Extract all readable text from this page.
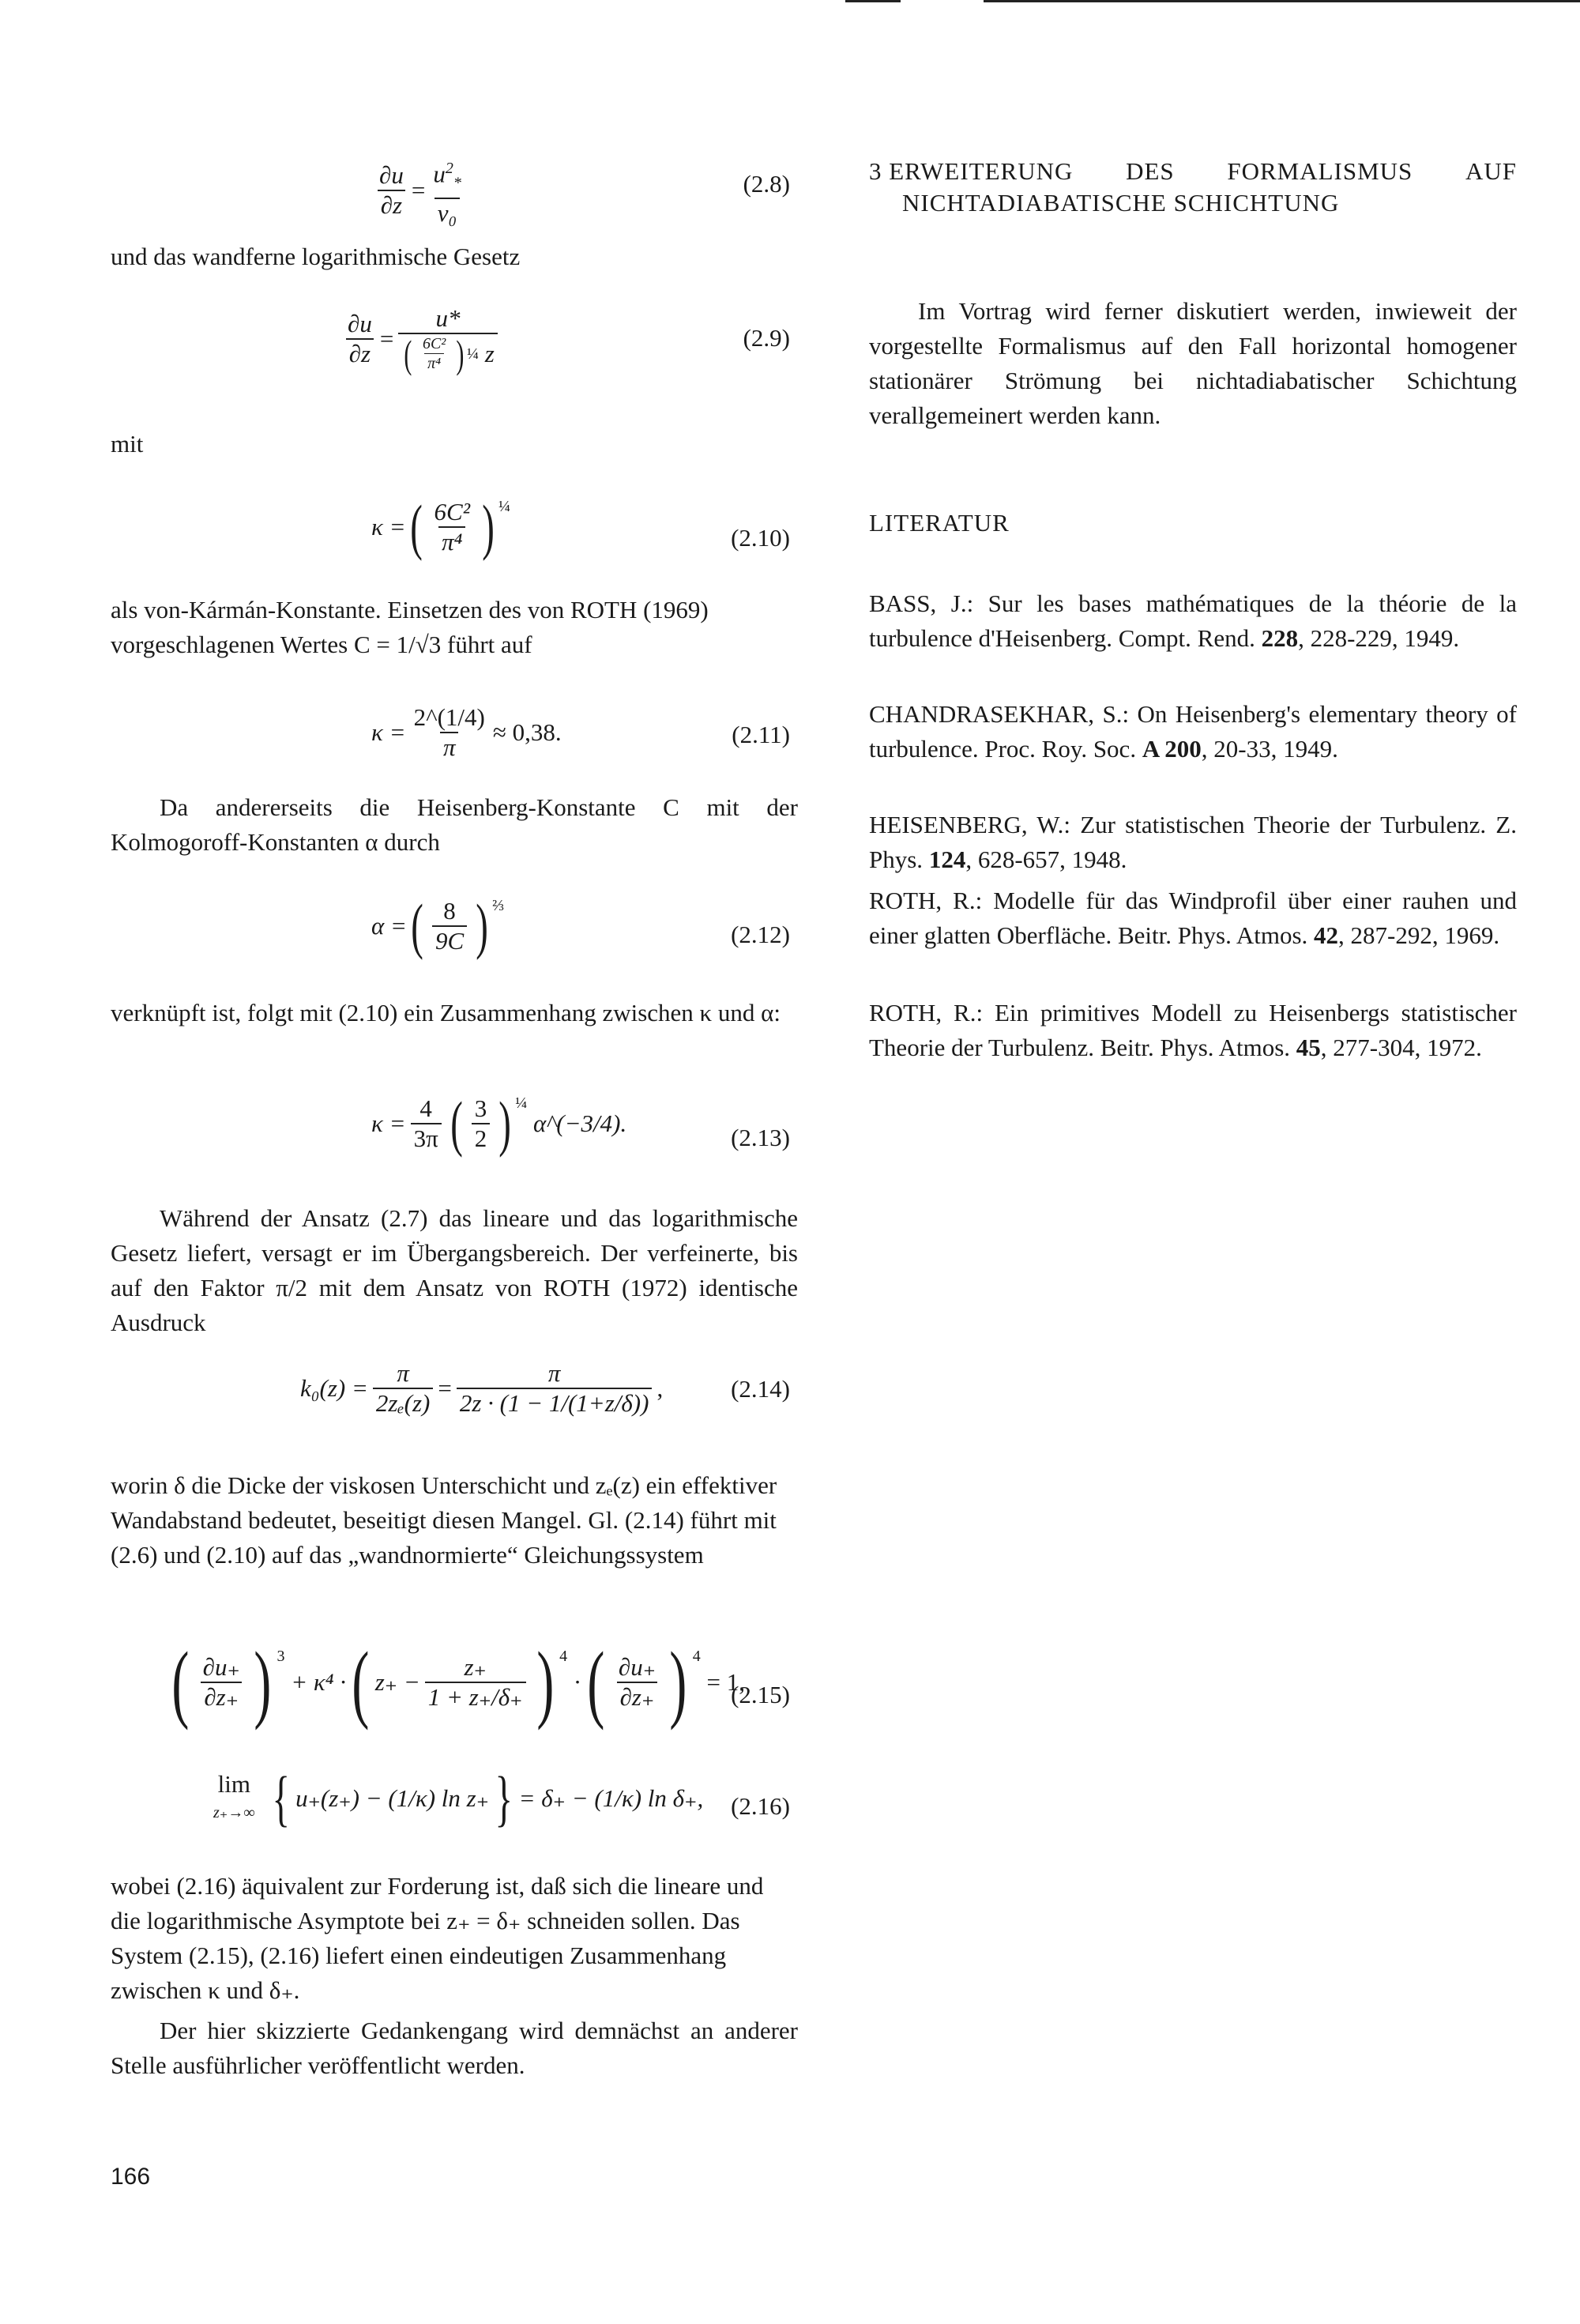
$\frac{\partial u}{\partial z} = \frac{u^2_*}{\text{ν₀}}$	(2.8)
und das wandferne logarithmische Gesetz
$\frac{\partial u}{\partial z} = u*$
( $\frac{\text{6C²}}{\text{π⁴}}$ ) ¼
z	(2.9)
mit
κ = ( $\frac{\text{6C²}}{\text{π⁴}}$ ) $^{\frac{1}{4}}$
(2.10)
als von-Kármán-Konstante. Einsetzen des von ROTH (1969) vorgeschlagenen Wertes C = 1/√3 führt auf
$\kappa = \frac{2\^{}(1/4)}{\pi} \approx 0,38$.	(2.11)
Da andererseits die Heisenberg-Konstante C mit der Kolmogoroff-Konstanten α durch
α = ( $\frac{8}{9C}$ ) $^{\frac{2}{3}}$
(2.12)
verknüpft ist, folgt mit (2.10) ein Zusammenhang zwischen κ und α:
$\kappa = \frac{4}{3\pi}$ ( $\frac{3}{2}$ ) $^{\frac{1}{4}}$

α^(−3/4).
(2.13)
Während der Ansatz (2.7) das lineare und das logarithmische Gesetz liefert, versagt er im Übergangsbereich. Der verfeinerte, bis auf den Faktor π/2 mit dem Ansatz von ROTH (1972) identische Ausdruck
$k_0(z) = \frac{\pi}{\text{2zₑ(z)}} = \frac{\pi}{2z \cdot (1 - 1/(1+z/\delta))}$ ,	(2.14)
worin δ die Dicke der viskosen Unterschicht und zₑ(z) ein effektiver Wandabstand bedeutet, beseitigt diesen Mangel. Gl. (2.14) führt mit (2.6) und (2.10) auf das „wandnormierte“ Gleichungssystem
( $\frac{\partial u_+}{\partial z_+}$ ) $^3$

+ κ⁴ · ( $z_+ - \frac{z_+}{1 + z_+/\delta_+}$ ) $^4$
· ( $\frac{\partial u_+}{\partial z_+}$ ) $^4$

= 1,
(2.15)
lim
z₊→∞ { u₊(z₊) − (1/κ) ln z₊ } = δ₊ − (1/κ) ln δ₊, (2.16)
wobei (2.16) äquivalent zur Forderung ist, daß sich die lineare und die logarithmische Asymptote bei z₊ = δ₊ schneiden sollen. Das System (2.15), (2.16) liefert einen eindeutigen Zusammenhang zwischen κ und δ₊.
Der hier skizzierte Gedankengang wird demnächst an anderer Stelle ausführlicher veröffentlicht werden.
3 ERWEITERUNG DES FORMALISMUS AUF
NICHTADIABATISCHE SCHICHTUNG
Im Vortrag wird ferner diskutiert werden, inwieweit der vorgestellte Formalismus auf den Fall horizontal homogener stationärer Strömung bei nichtadiabatischer Schichtung verallgemeinert werden kann.
LITERATUR
BASS, J.: Sur les bases mathématiques de la théorie de la turbulence d'Heisenberg. Compt. Rend. 228, 228-229, 1949.
CHANDRASEKHAR, S.: On Heisenberg's elementary theory of turbulence. Proc. Roy. Soc. A 200, 20-33, 1949.
HEISENBERG, W.: Zur statistischen Theorie der Turbulenz. Z. Phys. 124, 628-657, 1948.
ROTH, R.: Modelle für das Windprofil über einer rauhen und einer glatten Oberfläche. Beitr. Phys. Atmos. 42, 287-292, 1969.
ROTH, R.: Ein primitives Modell zu Heisenbergs statistischer Theorie der Turbulenz. Beitr. Phys. Atmos. 45, 277-304, 1972.
166
